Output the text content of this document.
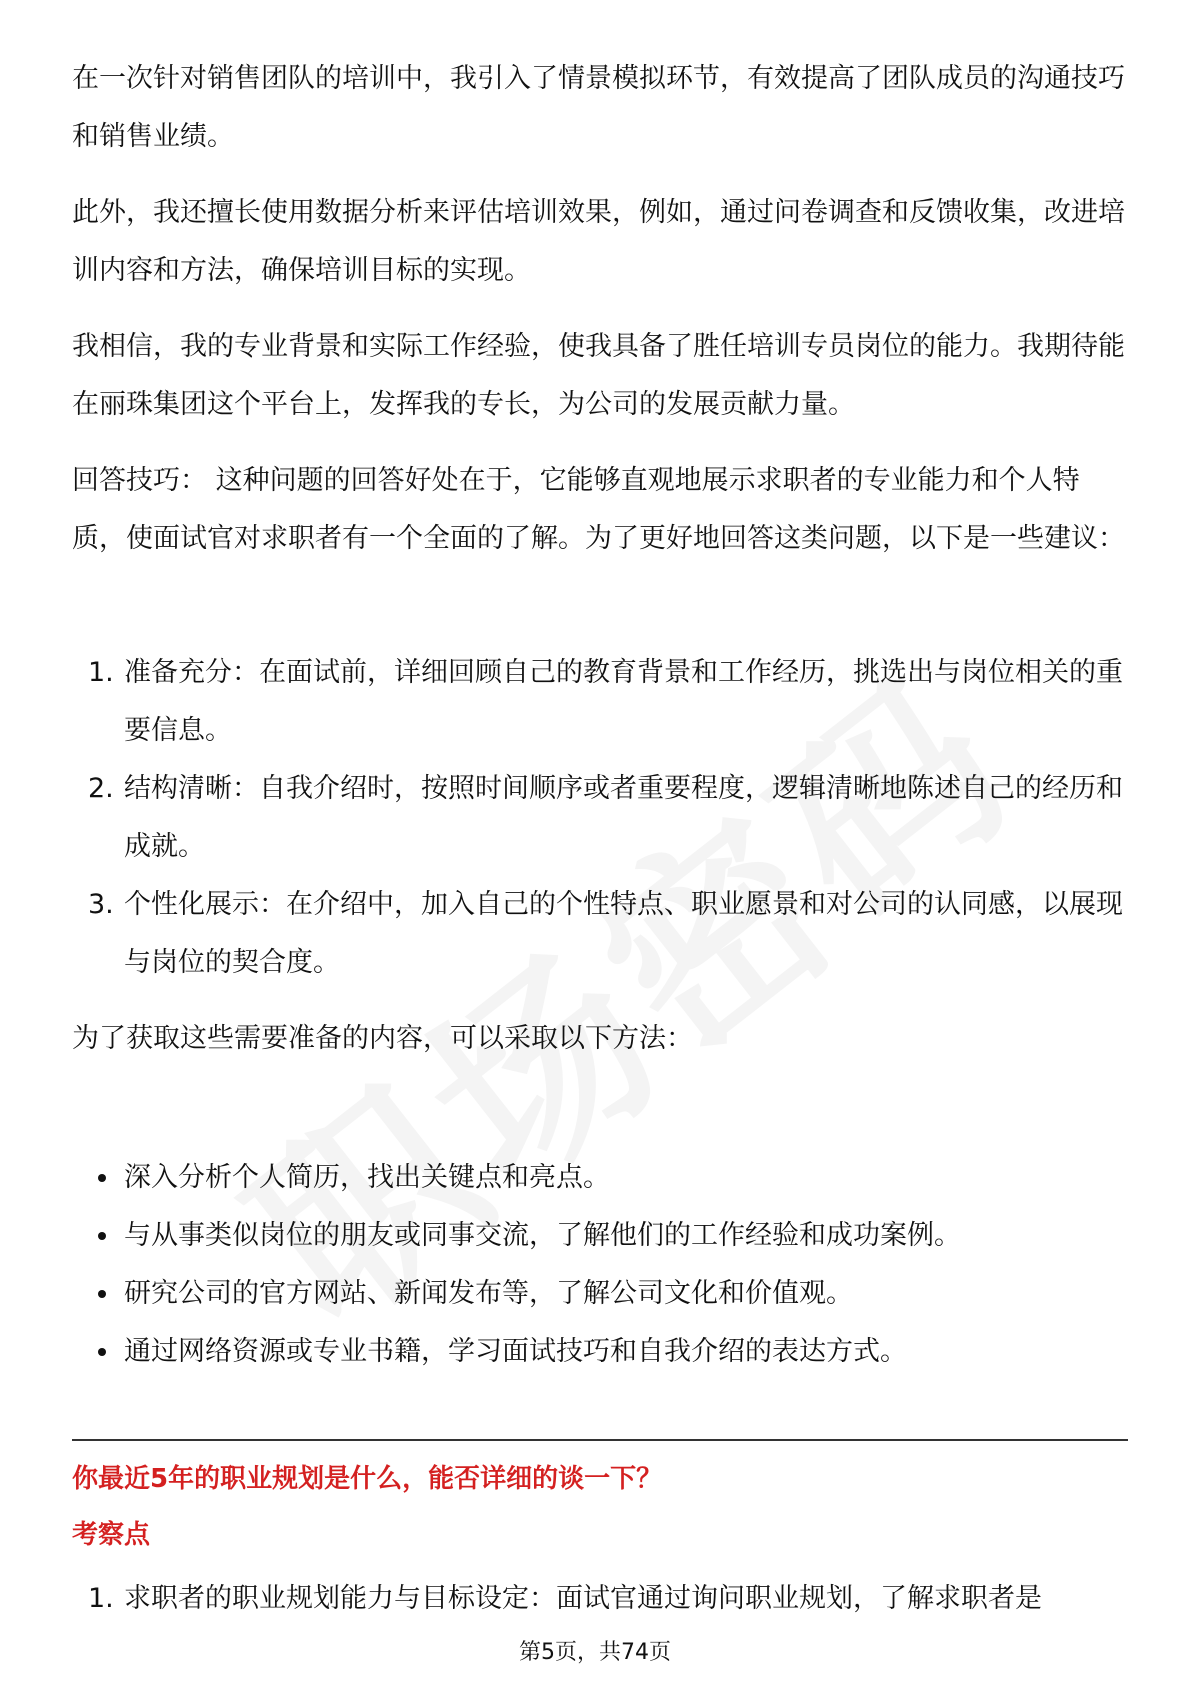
在一次针对销售团队的培训中，我引入了情景模拟环节，有效提高了团队成员的沟通技巧和销售业绩。

此外，我还擅长使用数据分析来评估培训效果，例如，通过问卷调查和反馈收集，改进培训内容和方法，确保培训目标的实现。

我相信，我的专业背景和实际工作经验，使我具备了胜任培训专员岗位的能力。我期待能在丽珠集团这个平台上，发挥我的专长，为公司的发展贡献力量。

回答技巧： 这种问题的回答好处在于，它能够直观地展示求职者的专业能力和个人特质，使面试官对求职者有一个全面的了解。为了更好地回答这类问题，以下是一些建议：

1. 准备充分：在面试前，详细回顾自己的教育背景和工作经历，挑选出与岗位相关的重要信息。

2. 结构清晰：自我介绍时，按照时间顺序或者重要程度，逻辑清晰地陈述自己的经历和成就。

3. 个性化展示：在介绍中，加入自己的个性特点、职业愿景和对公司的认同感，以展现与岗位的契合度。

为了获取这些需要准备的内容，可以采取以下方法：

深入分析个人简历，找出关键点和亮点。

与从事类似岗位的朋友或同事交流，了解他们的工作经验和成功案例。

研究公司的官方网站、新闻发布等，了解公司文化和价值观。

通过网络资源或专业书籍，学习面试技巧和自我介绍的表达方式。

你最近5年的职业规划是什么，能否详细的谈一下？
考察点
1. 求职者的职业规划能力与目标设定：面试官通过询问职业规划，了解求职者是

第5页，共74页
